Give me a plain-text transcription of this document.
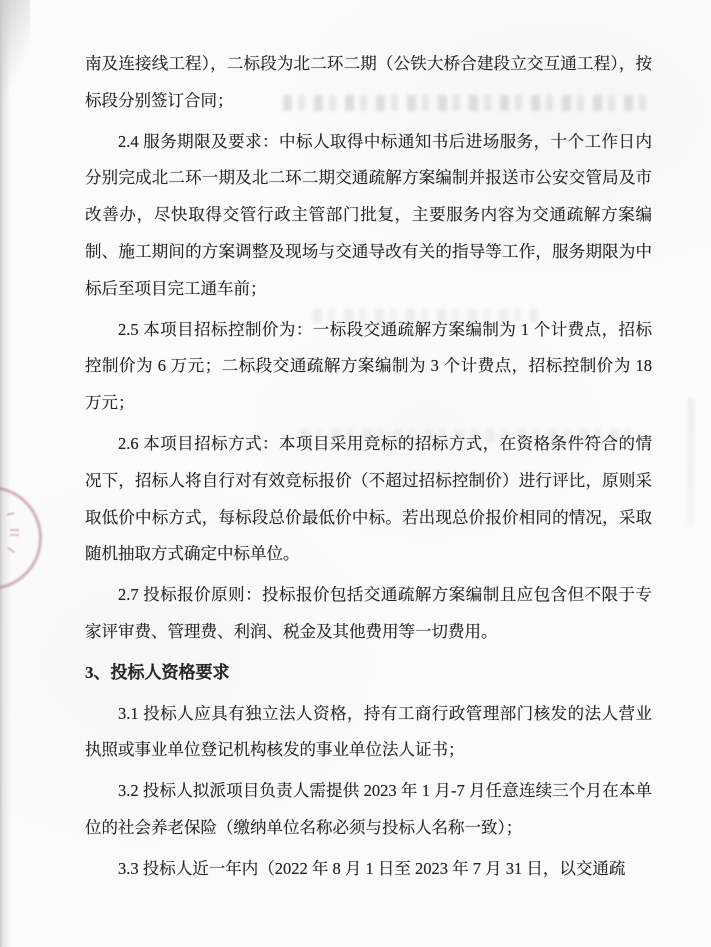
南及连接线工程），二标段为北二环二期（公铁大桥合建段立交互通工程），按标段分别签订合同；

2.4 服务期限及要求：中标人取得中标通知书后进场服务，十个工作日内分别完成北二环一期及北二环二期交通疏解方案编制并报送市公安交管局及市改善办，尽快取得交管行政主管部门批复，主要服务内容为交通疏解方案编制、施工期间的方案调整及现场与交通导改有关的指导等工作，服务期限为中标后至项目完工通车前；

2.5 本项目招标控制价为：一标段交通疏解方案编制为 1 个计费点，招标控制价为 6 万元；二标段交通疏解方案编制为 3 个计费点，招标控制价为 18 万元；

2.6 本项目招标方式：本项目采用竞标的招标方式，在资格条件符合的情况下，招标人将自行对有效竞标报价（不超过招标控制价）进行评比，原则采取低价中标方式，每标段总价最低价中标。若出现总价报价相同的情况，采取随机抽取方式确定中标单位。

2.7 投标报价原则：投标报价包括交通疏解方案编制且应包含但不限于专家评审费、管理费、利润、税金及其他费用等一切费用。

3、投标人资格要求

3.1 投标人应具有独立法人资格，持有工商行政管理部门核发的法人营业执照或事业单位登记机构核发的事业单位法人证书；

3.2 投标人拟派项目负责人需提供 2023 年 1 月-7 月任意连续三个月在本单位的社会养老保险（缴纳单位名称必须与投标人名称一致）；

3.3 投标人近一年内（2022 年 8 月 1 日至 2023 年 7 月 31 日，以交通疏
